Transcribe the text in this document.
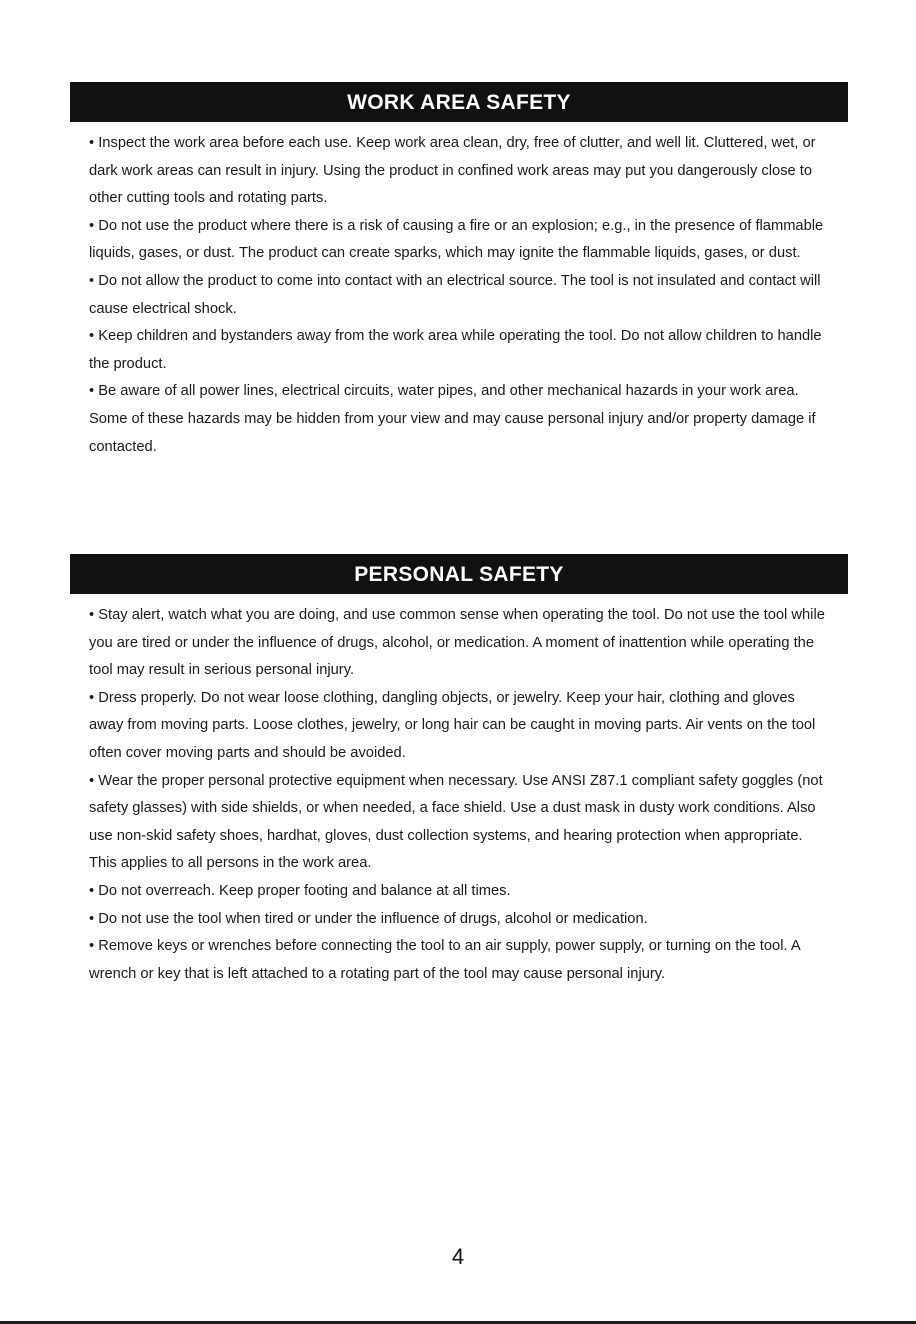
WORK AREA SAFETY

• Inspect the work area before each use. Keep work area clean, dry, free of clutter, and well lit. Cluttered, wet, or dark work areas can result in injury. Using the product in confined work areas may put you dangerously close to other cutting tools and rotating parts.

• Do not use the product where there is a risk of causing a fire or an explosion; e.g., in the presence of flammable liquids, gases, or dust. The product can create sparks, which may ignite the flammable liquids, gases, or dust.

• Do not allow the product to come into contact with an electrical source. The tool is not insulated and contact will cause electrical shock.

• Keep children and bystanders away from the work area while operating the tool. Do not allow children to handle the product.

• Be aware of all power lines, electrical circuits, water pipes, and other mechanical hazards in your work area. Some of these hazards may be hidden from your view and may cause personal injury and/or property damage if contacted.

PERSONAL SAFETY

• Stay alert, watch what you are doing, and use common sense when operating the tool. Do not use the tool while you are tired or under the influence of drugs, alcohol, or medication. A moment of inattention while operating the tool may result in serious personal injury.

• Dress properly. Do not wear loose clothing, dangling objects, or jewelry. Keep your hair, clothing and gloves away from moving parts. Loose clothes, jewelry, or long hair can be caught in moving parts. Air vents on the tool often cover moving parts and should be avoided.

• Wear the proper personal protective equipment when necessary. Use ANSI Z87.1 compliant safety goggles (not safety glasses) with side shields, or when needed, a face shield. Use a dust mask in dusty work conditions. Also use non-skid safety shoes, hardhat, gloves, dust collection systems, and hearing protection when appropriate. This applies to all persons in the work area.

• Do not overreach. Keep proper footing and balance at all times.

• Do not use the tool when tired or under the influence of drugs, alcohol or medication.

• Remove keys or wrenches before connecting the tool to an air supply, power supply, or turning on the tool. A wrench or key that is left attached to a rotating part of the tool may cause personal injury.

4
